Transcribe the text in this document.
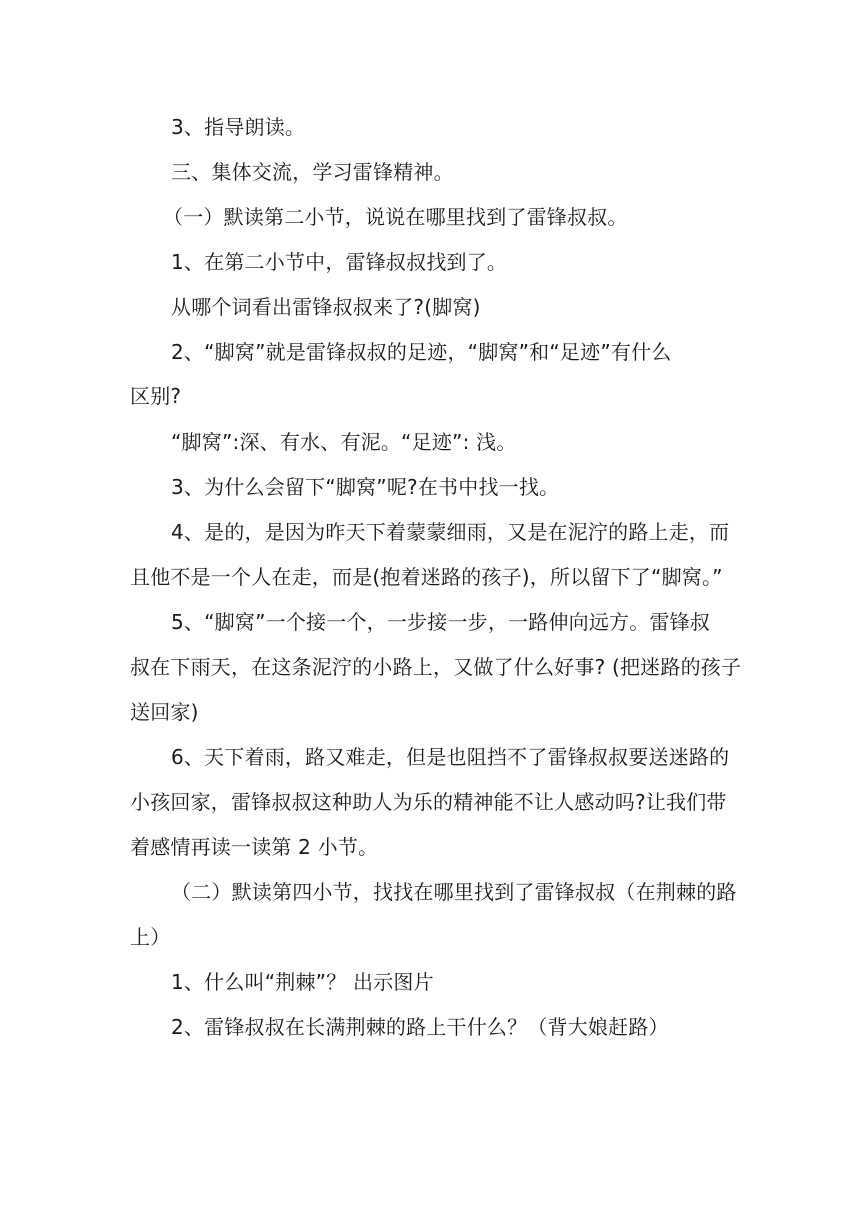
3、指导朗读。
三、集体交流，学习雷锋精神。
（一）默读第二小节，说说在哪里找到了雷锋叔叔。
1、在第二小节中，雷锋叔叔找到了。
从哪个词看出雷锋叔叔来了?(脚窝)
2、“脚窝”就是雷锋叔叔的足迹，“脚窝”和“足迹”有什么
区别?
“脚窝”:深、有水、有泥。“足迹”: 浅。
3、为什么会留下“脚窝”呢?在书中找一找。
4、是的，是因为昨天下着蒙蒙细雨，又是在泥泞的路上走，而
且他不是一个人在走，而是(抱着迷路的孩子)，所以留下了“脚窝。”
5、“脚窝”一个接一个，一步接一步，一路伸向远方。雷锋叔
叔在下雨天，在这条泥泞的小路上，又做了什么好事? (把迷路的孩子
送回家)
6、天下着雨，路又难走，但是也阻挡不了雷锋叔叔要送迷路的
小孩回家，雷锋叔叔这种助人为乐的精神能不让人感动吗?让我们带
着感情再读一读第 2 小节。
（二）默读第四小节，找找在哪里找到了雷锋叔叔（在荆棘的路
上）
1、什么叫“荆棘”？ 出示图片
2、雷锋叔叔在长满荆棘的路上干什么？（背大娘赶路）
